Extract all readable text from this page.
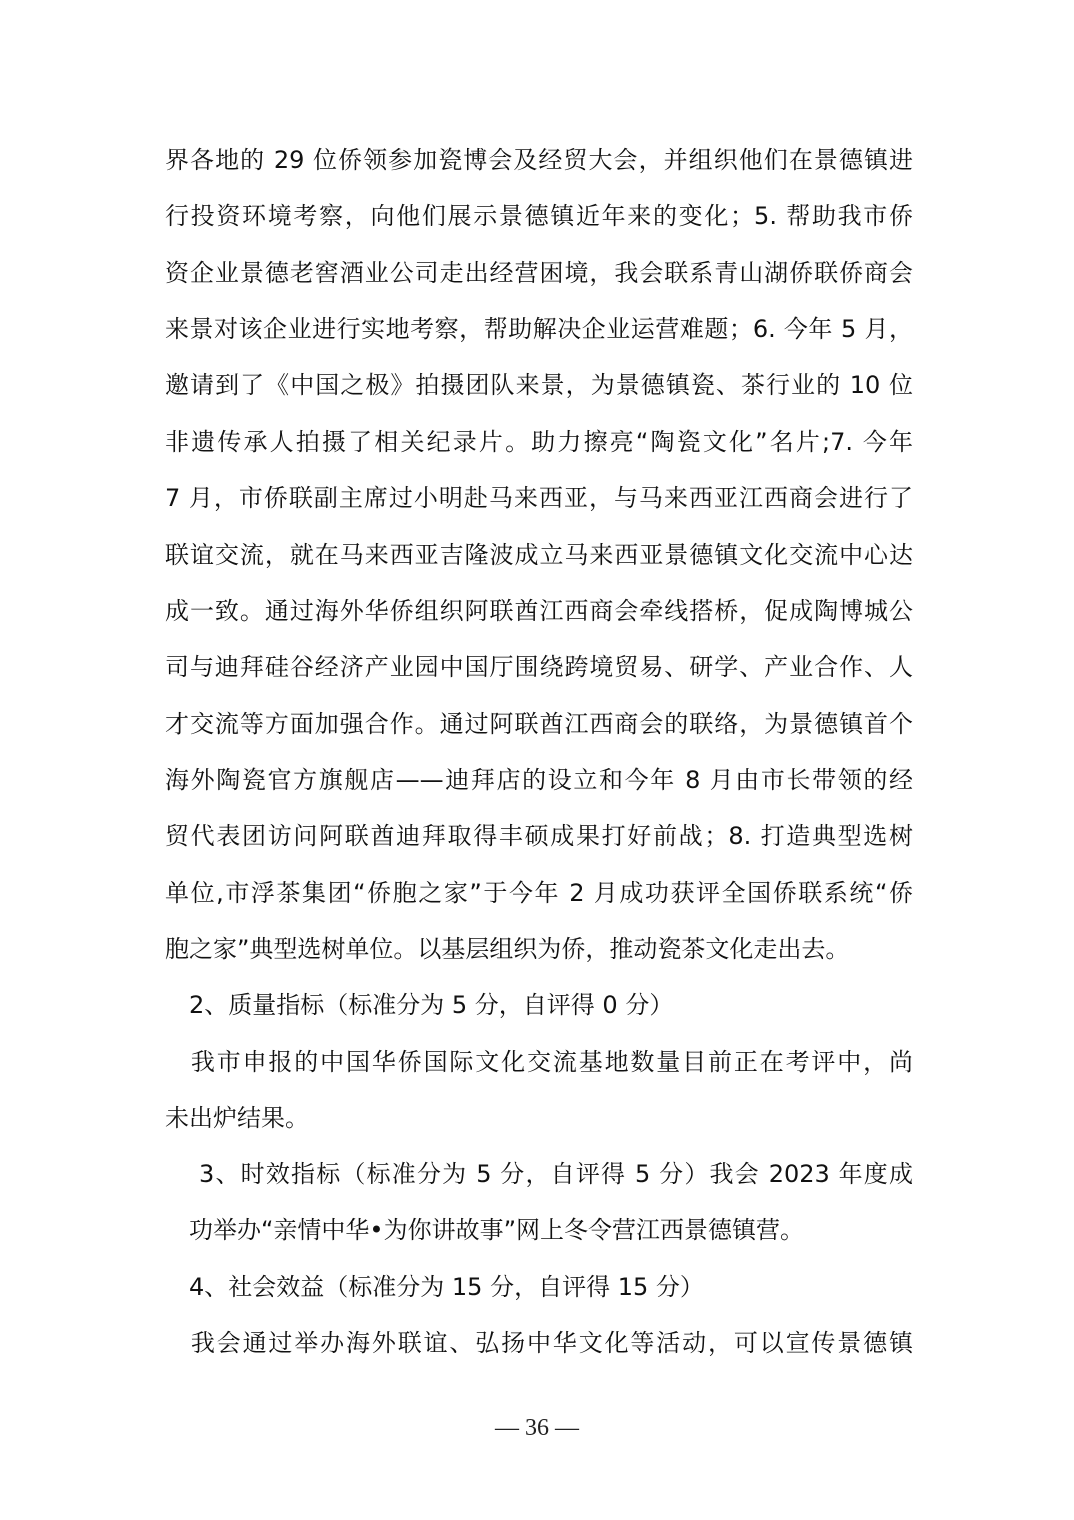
界各地的 29 位侨领参加瓷博会及经贸大会，并组织他们在景德镇进
行投资环境考察，向他们展示景德镇近年来的变化；5. 帮助我市侨
资企业景德老窖酒业公司走出经营困境，我会联系青山湖侨联侨商会
来景对该企业进行实地考察，帮助解决企业运营难题；6. 今年 5 月，
邀请到了《中国之极》拍摄团队来景，为景德镇瓷、茶行业的 10 位
非遗传承人拍摄了相关纪录片。助力擦亮“陶瓷文化”名片;7. 今年
7 月，市侨联副主席过小明赴马来西亚，与马来西亚江西商会进行了
联谊交流，就在马来西亚吉隆波成立马来西亚景德镇文化交流中心达
成一致。通过海外华侨组织阿联酋江西商会牵线搭桥，促成陶博城公
司与迪拜硅谷经济产业园中国厅围绕跨境贸易、研学、产业合作、人
才交流等方面加强合作。通过阿联酋江西商会的联络，为景德镇首个
海外陶瓷官方旗舰店——迪拜店的设立和今年 8 月由市长带领的经
贸代表团访问阿联酋迪拜取得丰硕成果打好前战；8. 打造典型选树
单位,市浮茶集团“侨胞之家”于今年 2 月成功获评全国侨联系统“侨
胞之家”典型选树单位。以基层组织为侨，推动瓷茶文化走出去。
　2、质量指标（标准分为 5 分，自评得 0 分）
　我市申报的中国华侨国际文化交流基地数量目前正在考评中，尚
未出炉结果。
　 3、时效指标（标准分为 5 分，自评得 5 分）我会 2023 年度成
　功举办“亲情中华•为你讲故事”网上冬令营江西景德镇营。
　4、社会效益（标准分为 15 分，自评得 15 分）
　我会通过举办海外联谊、弘扬中华文化等活动，可以宣传景德镇
— 36 —
